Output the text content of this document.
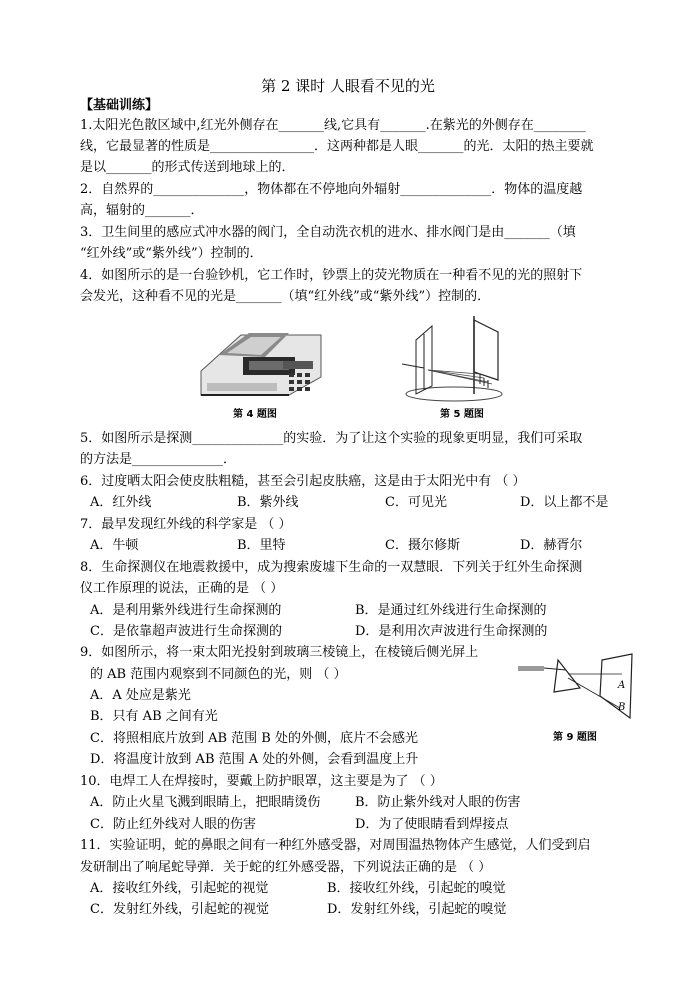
第 2 课时 人眼看不见的光
【基础训练】
1.太阳光色散区域中,红光外侧存在_______线,它具有_______.在紫光的外侧存在________
线，它最显著的性质是________________．这两种都是人眼_______的光．太阳的热主要就
是以_______的形式传送到地球上的．
2．自然界的______________，物体都在不停地向外辐射______________．物体的温度越
高，辐射的_______．
3．卫生间里的感应式冲水器的阀门，全自动洗衣机的进水、排水阀门是由_______（填
“红外线”或“紫外线”）控制的．
4．如图所示的是一台验钞机，它工作时，钞票上的荧光物质在一种看不见的光的照射下
会发光，这种看不见的光是_______（填“红外线”或“紫外线”）控制的．
第 4 题图	第 5 题图
5．如图所示是探测______________的实验．为了让这个实验的现象更明显，我们可采取
的方法是______________．
6．过度晒太阳会使皮肤粗糙，甚至会引起皮肤癌，这是由于太阳光中有 （ ）
A．红外线	B．紫外线	C．可见光	D．以上都不是
7．最早发现红外线的科学家是 （ ）
A．牛顿	B．里特	C．摄尔修斯	D．赫胥尔
8．生命探测仪在地震救援中，成为搜索废墟下生命的一双慧眼．下列关于红外生命探测
仪工作原理的说法，正确的是 （ ）
A．是利用紫外线进行生命探测的	B．是通过红外线进行生命探测的
C．是依靠超声波进行生命探测的	D．是利用次声波进行生命探测的
9．如图所示，将一束太阳光投射到玻璃三棱镜上，在棱镜后侧光屏上
的 AB 范围内观察到不同颜色的光，则 （ ）
A．A 处应是紫光
B．只有 AB 之间有光
C．将照相底片放到 AB 范围 B 处的外侧，底片不会感光
D．将温度计放到 AB 范围 A 处的外侧，会看到温度上升
A
B
第 9 题图
10．电焊工人在焊接时，要戴上防护眼罩，这主要是为了 （ ）
A．防止火星飞溅到眼睛上，把眼睛烫伤	B．防止紫外线对人眼的伤害
C．防止红外线对人眼的伤害	D．为了使眼睛看到焊接点
11．实验证明，蛇的鼻眼之间有一种红外感受器，对周围温热物体产生感觉，人们受到启
发研制出了响尾蛇导弹．关于蛇的红外感受器，下列说法正确的是 （ ）
A．接收红外线，引起蛇的视觉	B．接收红外线，引起蛇的嗅觉
C．发射红外线，引起蛇的视觉	D．发射红外线，引起蛇的嗅觉
